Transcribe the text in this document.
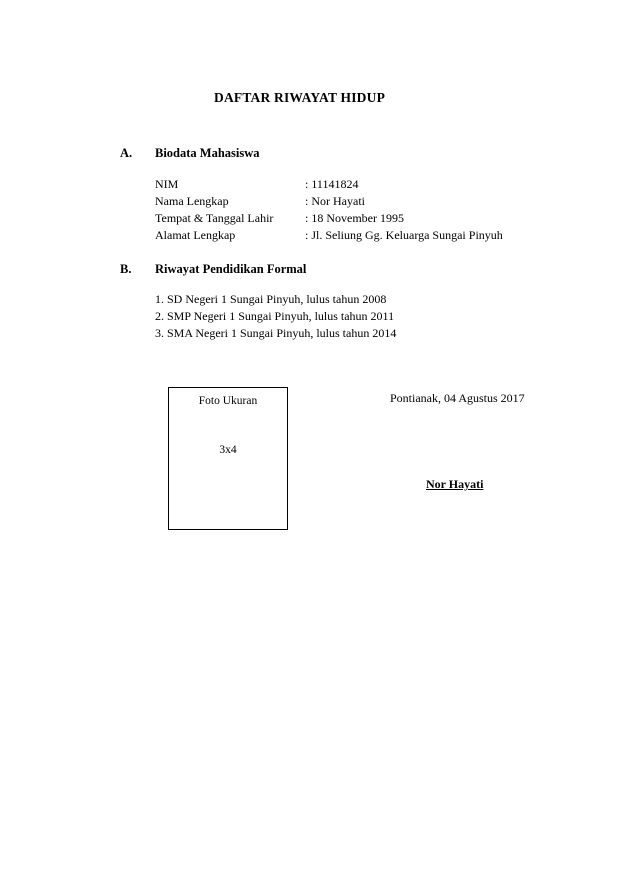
DAFTAR RIWAYAT HIDUP
A. Biodata Mahasiswa
NIM	: 11141824
Nama Lengkap	: Nor Hayati
Tempat & Tanggal Lahir	: 18 November 1995
Alamat Lengkap	: Jl. Seliung Gg. Keluarga Sungai Pinyuh
B. Riwayat Pendidikan Formal
1. SD Negeri 1 Sungai Pinyuh, lulus tahun 2008
2. SMP Negeri 1 Sungai Pinyuh, lulus tahun 2011
3. SMA Negeri 1 Sungai Pinyuh, lulus tahun 2014
Foto Ukuran
3x4
Pontianak, 04 Agustus 2017
Nor Hayati
